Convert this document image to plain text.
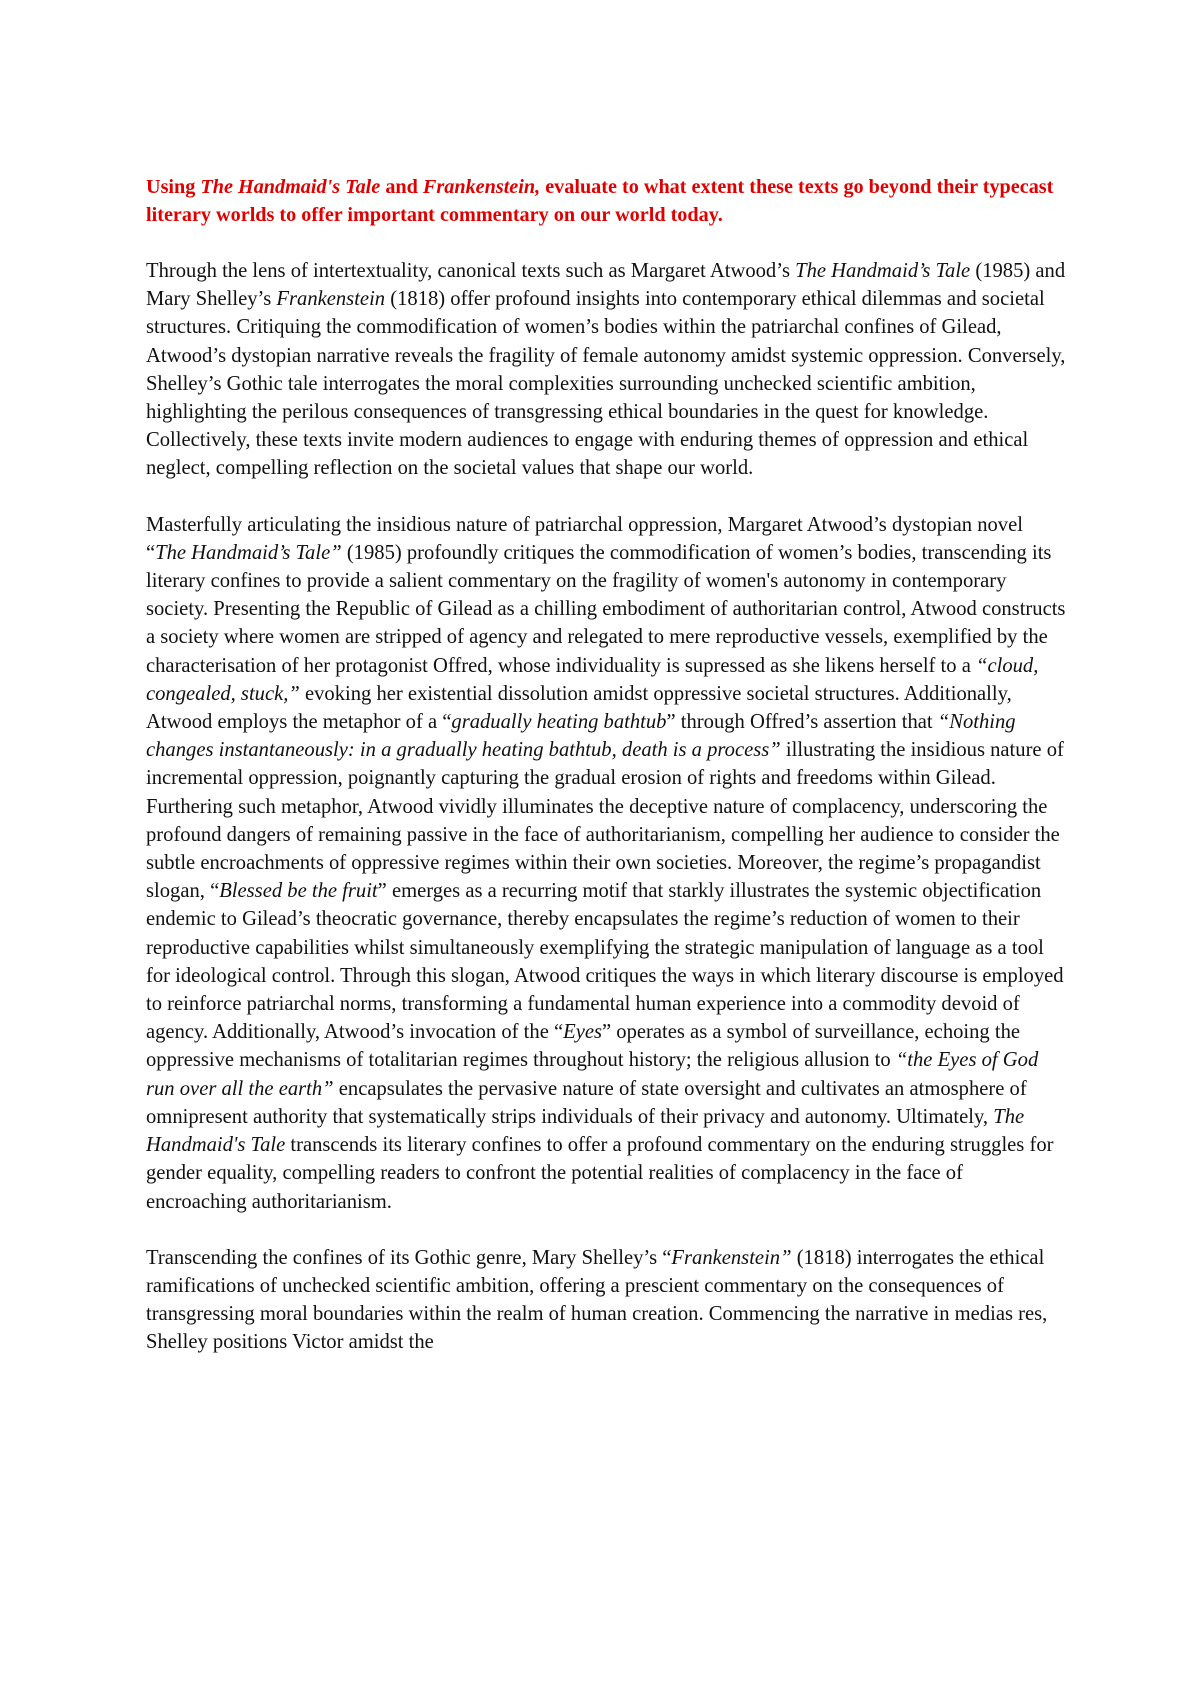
Using The Handmaid's Tale and Frankenstein, evaluate to what extent these texts go beyond their typecast literary worlds to offer important commentary on our world today.

Through the lens of intertextuality, canonical texts such as Margaret Atwood’s The Handmaid’s Tale (1985) and Mary Shelley’s Frankenstein (1818) offer profound insights into contemporary ethical dilemmas and societal structures. Critiquing the commodification of women’s bodies within the patriarchal confines of Gilead, Atwood’s dystopian narrative reveals the fragility of female autonomy amidst systemic oppression. Conversely, Shelley’s Gothic tale interrogates the moral complexities surrounding unchecked scientific ambition, highlighting the perilous consequences of transgressing ethical boundaries in the quest for knowledge. Collectively, these texts invite modern audiences to engage with enduring themes of oppression and ethical neglect, compelling reflection on the societal values that shape our world.

Masterfully articulating the insidious nature of patriarchal oppression, Margaret Atwood’s dystopian novel “The Handmaid’s Tale” (1985) profoundly critiques the commodification of women’s bodies, transcending its literary confines to provide a salient commentary on the fragility of women's autonomy in contemporary society. Presenting the Republic of Gilead as a chilling embodiment of authoritarian control, Atwood constructs a society where women are stripped of agency and relegated to mere reproductive vessels, exemplified by the characterisation of her protagonist Offred, whose individuality is supressed as she likens herself to a “cloud, congealed, stuck,” evoking her existential dissolution amidst oppressive societal structures. Additionally, Atwood employs the metaphor of a “gradually heating bathtub” through Offred’s assertion that “Nothing changes instantaneously: in a gradually heating bathtub, death is a process” illustrating the insidious nature of incremental oppression, poignantly capturing the gradual erosion of rights and freedoms within Gilead. Furthering such metaphor, Atwood vividly illuminates the deceptive nature of complacency, underscoring the profound dangers of remaining passive in the face of authoritarianism, compelling her audience to consider the subtle encroachments of oppressive regimes within their own societies. Moreover, the regime’s propagandist slogan, “Blessed be the fruit” emerges as a recurring motif that starkly illustrates the systemic objectification endemic to Gilead’s theocratic governance, thereby encapsulates the regime’s reduction of women to their reproductive capabilities whilst simultaneously exemplifying the strategic manipulation of language as a tool for ideological control. Through this slogan, Atwood critiques the ways in which literary discourse is employed to reinforce patriarchal norms, transforming a fundamental human experience into a commodity devoid of agency. Additionally, Atwood’s invocation of the “Eyes” operates as a symbol of surveillance, echoing the oppressive mechanisms of totalitarian regimes throughout history; the religious allusion to “the Eyes of God run over all the earth” encapsulates the pervasive nature of state oversight and cultivates an atmosphere of omnipresent authority that systematically strips individuals of their privacy and autonomy. Ultimately, The Handmaid's Tale transcends its literary confines to offer a profound commentary on the enduring struggles for gender equality, compelling readers to confront the potential realities of complacency in the face of encroaching authoritarianism.

Transcending the confines of its Gothic genre, Mary Shelley’s “Frankenstein” (1818) interrogates the ethical ramifications of unchecked scientific ambition, offering a prescient commentary on the consequences of transgressing moral boundaries within the realm of human creation. Commencing the narrative in medias res, Shelley positions Victor amidst the
